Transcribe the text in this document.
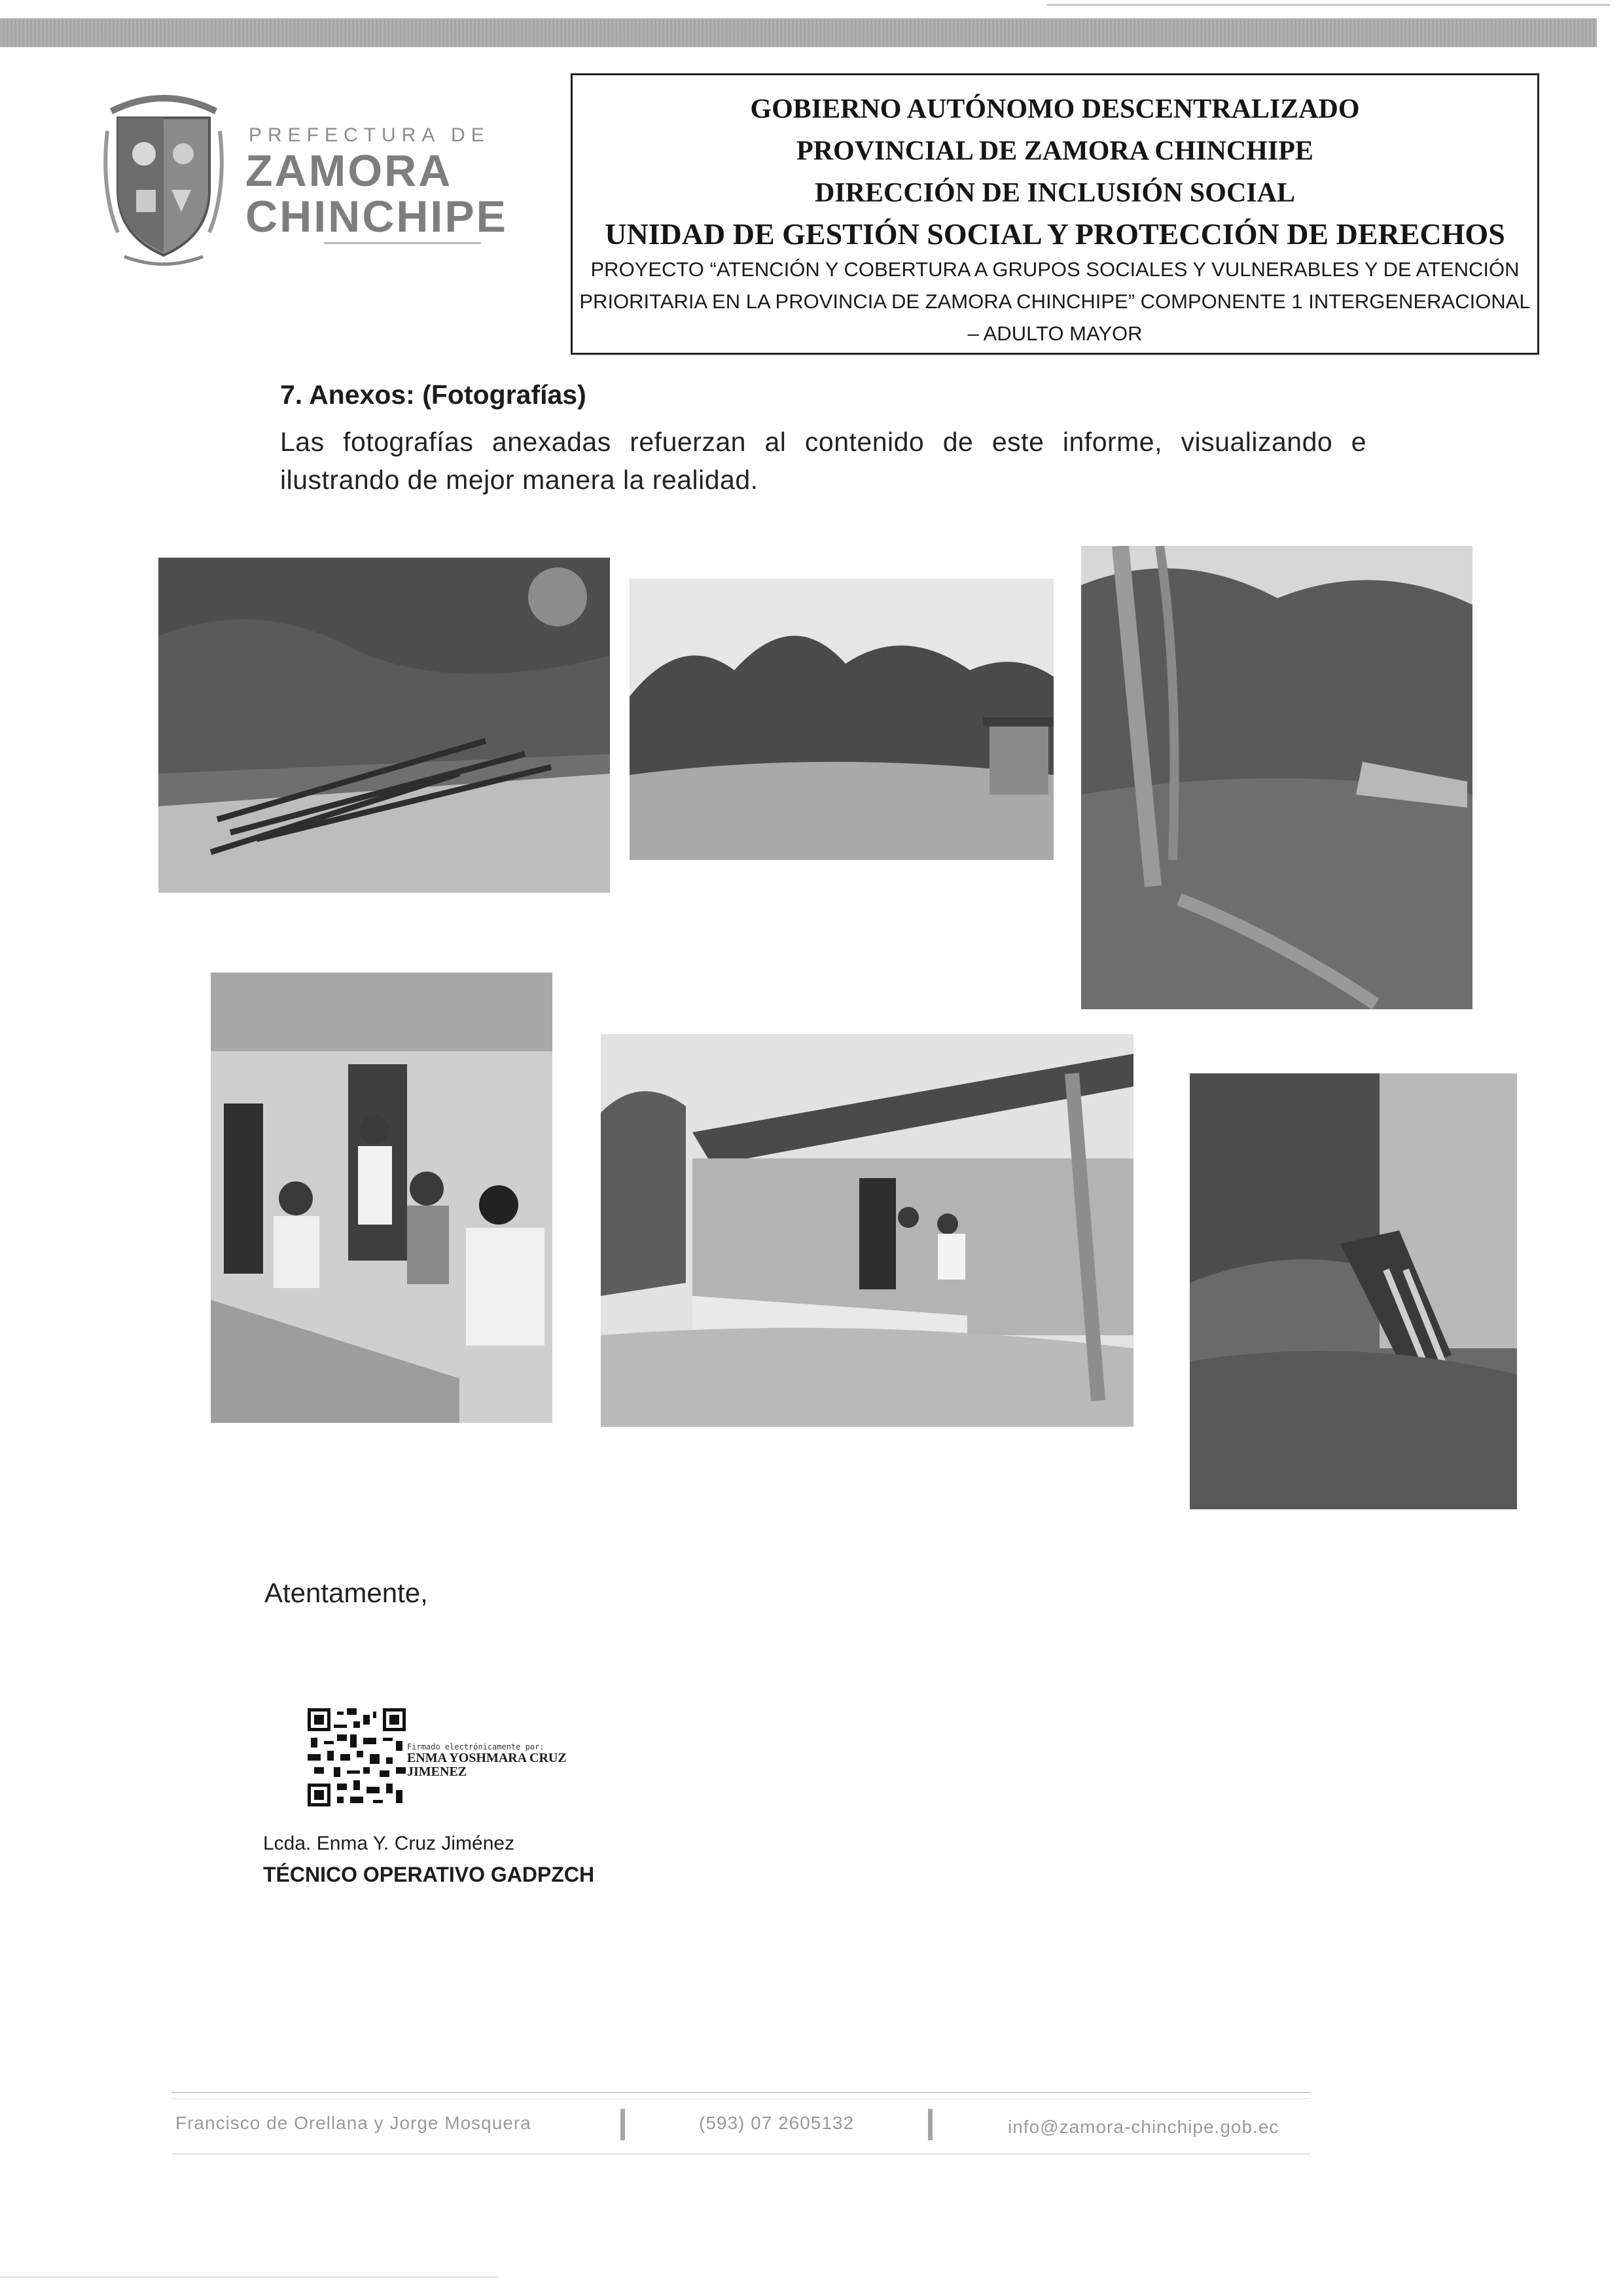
PREFECTURA DE
ZAMORA
CHINCHIPE
GOBIERNO AUTÓNOMO DESCENTRALIZADO
PROVINCIAL DE ZAMORA CHINCHIPE
DIRECCIÓN DE INCLUSIÓN SOCIAL
UNIDAD DE GESTIÓN SOCIAL Y PROTECCIÓN DE DERECHOS
PROYECTO “ATENCIÓN Y COBERTURA A GRUPOS SOCIALES Y VULNERABLES Y DE ATENCIÓN PRIORITARIA EN LA PROVINCIA DE ZAMORA CHINCHIPE” COMPONENTE 1 INTERGENERACIONAL – ADULTO MAYOR
7. Anexos: (Fotografías)
Las fotografías anexadas refuerzan al contenido de este informe, visualizando e ilustrando de mejor manera la realidad.
Atentamente,
Firmado electrónicamente por:
ENMA YOSHMARA CRUZ JIMENEZ
Lcda. Enma Y. Cruz Jiménez
TÉCNICO OPERATIVO GADPZCH
Francisco de Orellana y Jorge Mosquera	(593) 07 2605132	info@zamora-chinchipe.gob.ec
